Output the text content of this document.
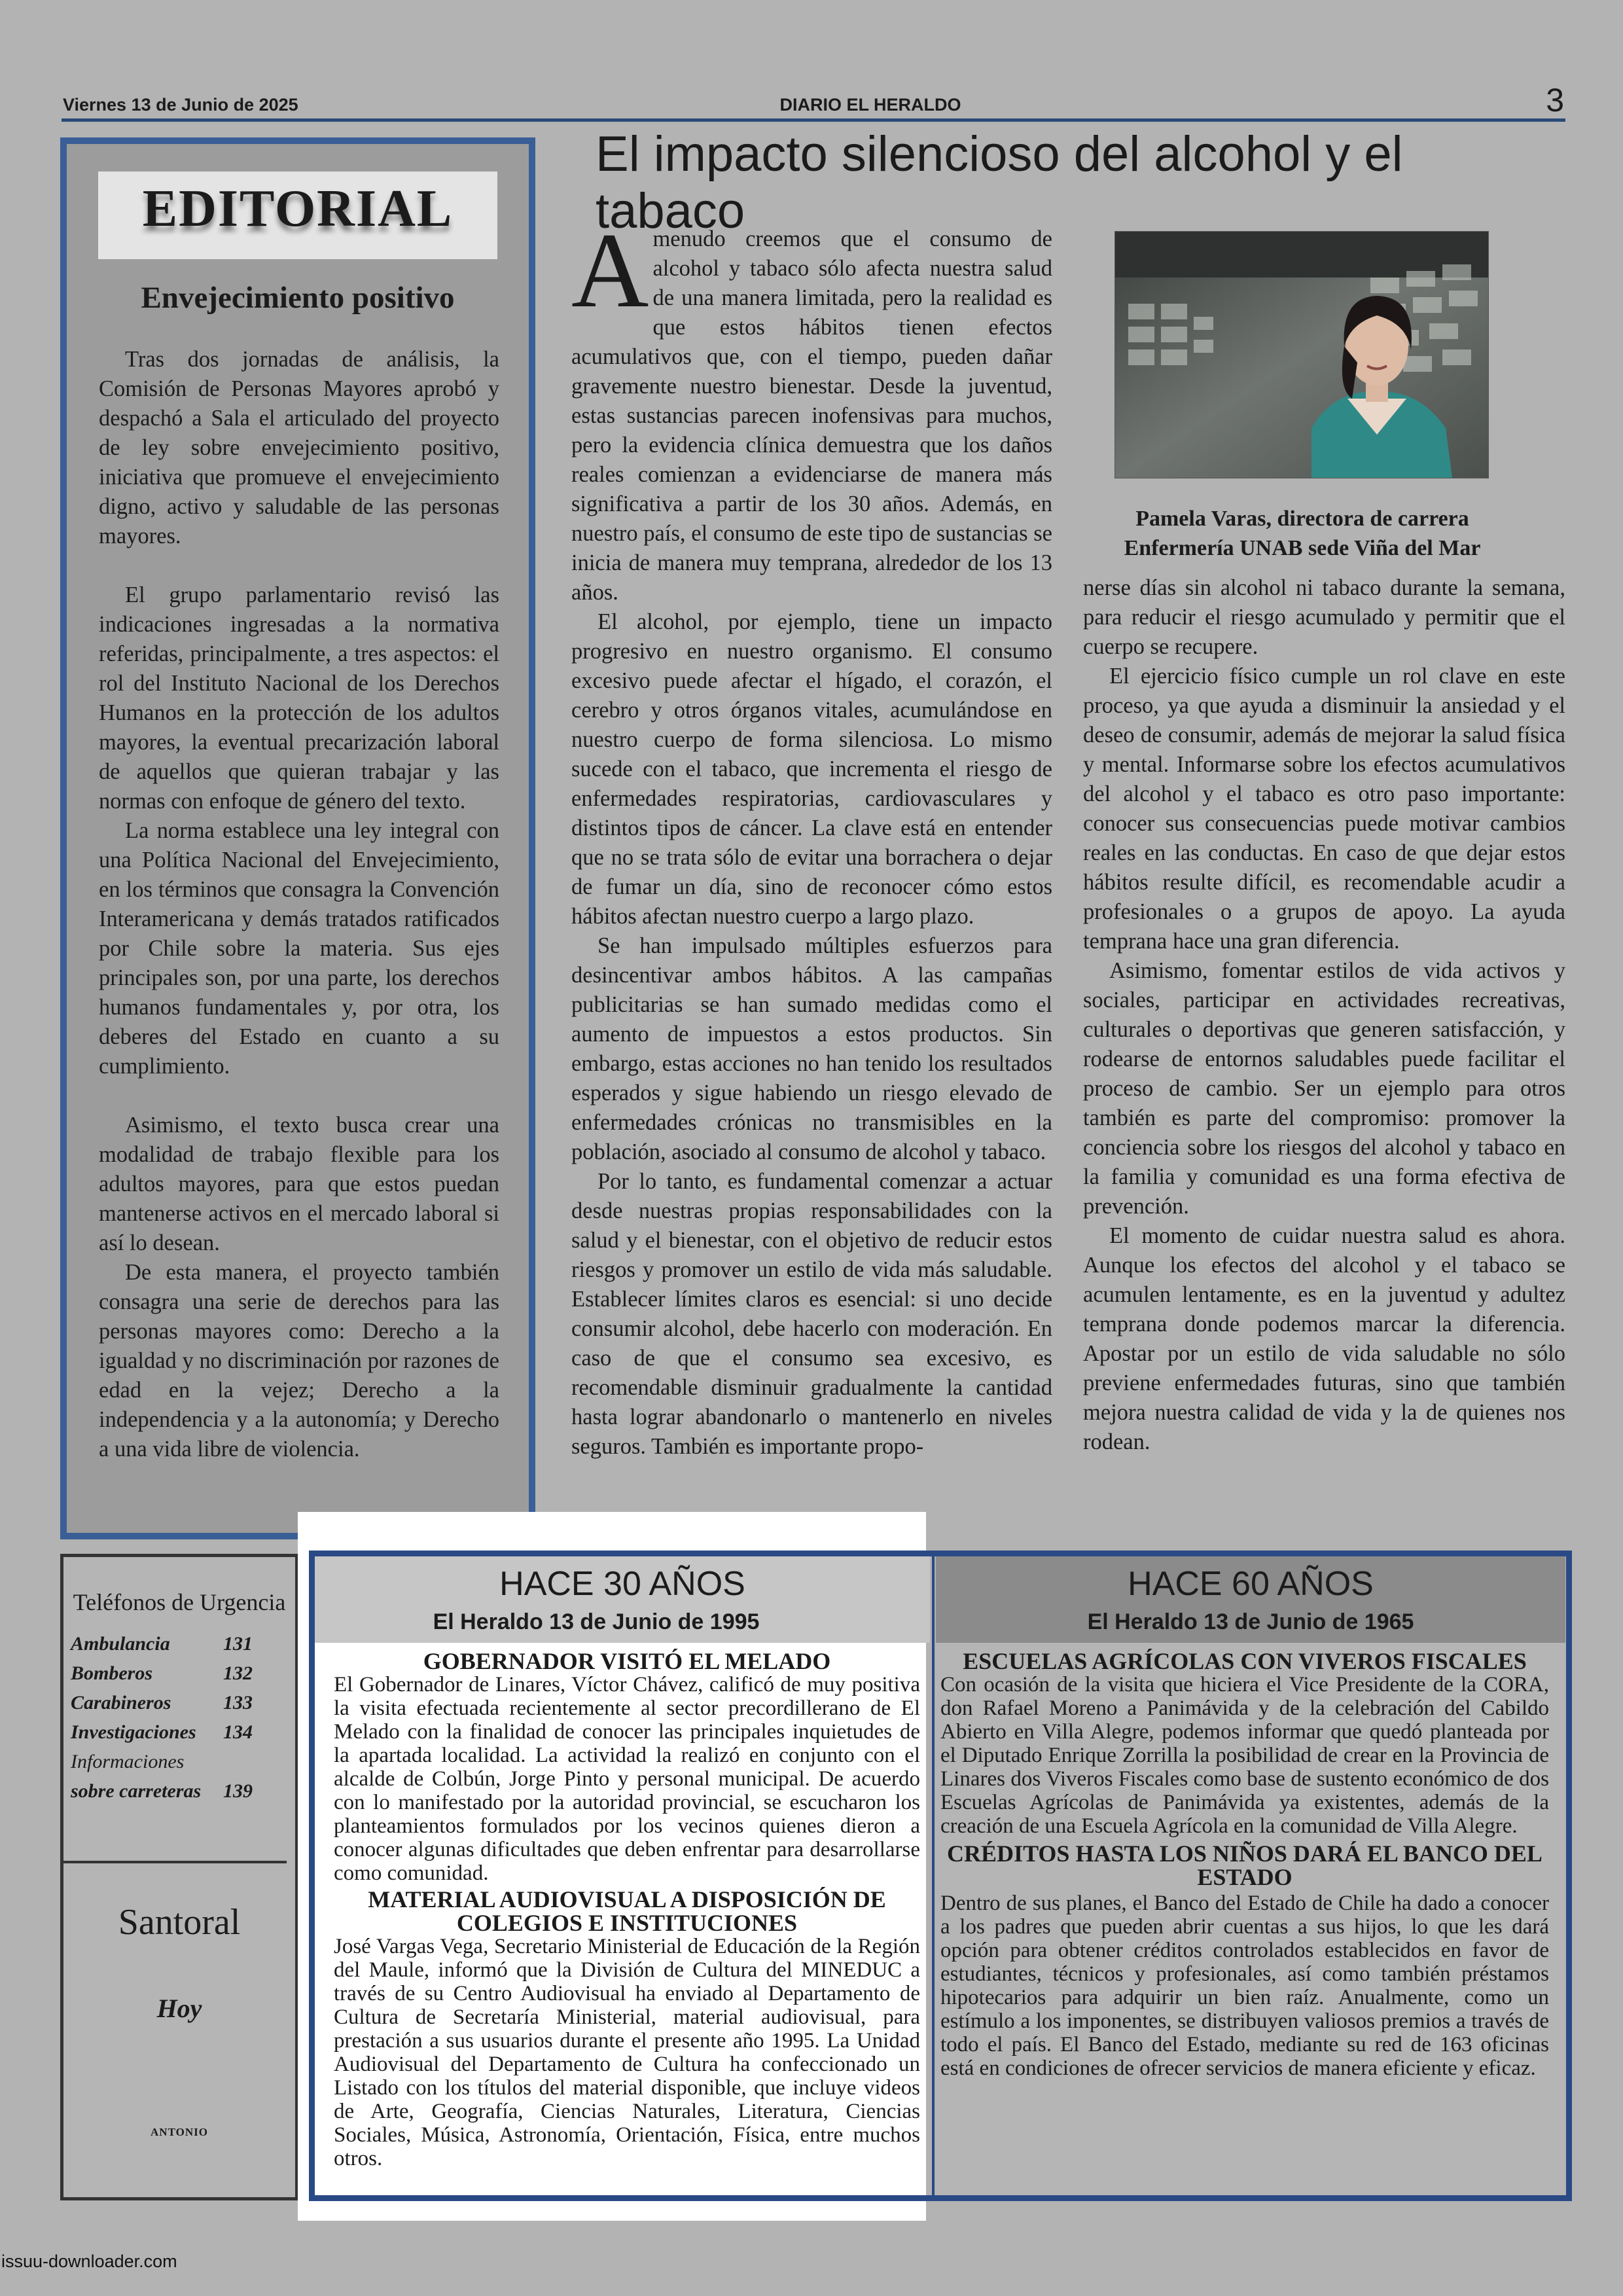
Viernes 13 de Junio de 2025	DIARIO EL HERALDO	3
EDITORIAL
Envejecimiento positivo

Tras dos jornadas de análisis, la Comisión de Personas Mayores aprobó y despachó a Sala el articulado del proyecto de ley sobre envejecimiento positivo, iniciativa que promueve el envejecimiento digno, activo y saludable de las personas mayores.

El grupo parlamentario revisó las indicaciones ingresadas a la normativa referidas, principalmente, a tres aspectos: el rol del Instituto Nacional de los Derechos Humanos en la protección de los adultos mayores, la eventual precarización laboral de aquellos que quieran trabajar y las normas con enfoque de género del texto.

La norma establece una ley integral con una Política Nacional del Envejecimiento, en los términos que consagra la Convención Interamericana y demás tratados ratificados por Chile sobre la materia. Sus ejes principales son, por una parte, los derechos humanos fundamentales y, por otra, los deberes del Estado en cuanto a su cumplimiento.

Asimismo, el texto busca crear una modalidad de trabajo flexible para los adultos mayores, para que estos puedan mantenerse activos en el mercado laboral si así lo desean.

De esta manera, el proyecto también consagra una serie de derechos para las personas mayores como: Derecho a la igualdad y no discriminación por razones de edad en la vejez; Derecho a la independencia y a la autonomía; y Derecho a una vida libre de violencia.

El impacto silencioso del alcohol y el tabaco

Amenudo creemos que el consumo de alcohol y tabaco sólo afecta nuestra salud de una manera limitada, pero la realidad es que estos hábitos tienen efectos acumulativos que, con el tiempo, pueden dañar gravemente nuestro bienestar. Desde la juventud, estas sustancias parecen inofensivas para muchos, pero la evidencia clínica demuestra que los daños reales comienzan a evidenciarse de manera más significativa a partir de los 30 años. Además, en nuestro país, el consumo de este tipo de sustancias se inicia de manera muy temprana, alrededor de los 13 años.

El alcohol, por ejemplo, tiene un impacto progresivo en nuestro organismo. El consumo excesivo puede afectar el hígado, el corazón, el cerebro y otros órganos vitales, acumulándose en nuestro cuerpo de forma silenciosa. Lo mismo sucede con el tabaco, que incrementa el riesgo de enfermedades respiratorias, cardiovasculares y distintos tipos de cáncer. La clave está en entender que no se trata sólo de evitar una borrachera o dejar de fumar un día, sino de reconocer cómo estos hábitos afectan nuestro cuerpo a largo plazo.

Se han impulsado múltiples esfuerzos para desincentivar ambos hábitos. A las campañas publicitarias se han sumado medidas como el aumento de impuestos a estos productos. Sin embargo, estas acciones no han tenido los resultados esperados y sigue habiendo un riesgo elevado de enfermedades crónicas no transmisibles en la población, asociado al consumo de alcohol y tabaco.

Por lo tanto, es fundamental comenzar a actuar desde nuestras propias responsabilidades con la salud y el bienestar, con el objetivo de reducir estos riesgos y promover un estilo de vida más saludable. Establecer límites claros es esencial: si uno decide consumir alcohol, debe hacerlo con moderación. En caso de que el consumo sea excesivo, es recomendable disminuir gradualmente la cantidad hasta lograr abandonarlo o mantenerlo en niveles seguros. También es importante propo-

Pamela Varas, directora de carrera
Enfermería UNAB sede Viña del Mar

nerse días sin alcohol ni tabaco durante la semana, para reducir el riesgo acumulado y permitir que el cuerpo se recupere.

El ejercicio físico cumple un rol clave en este proceso, ya que ayuda a disminuir la ansiedad y el deseo de consumir, además de mejorar la salud física y mental. Informarse sobre los efectos acumulativos del alcohol y el tabaco es otro paso importante: conocer sus consecuencias puede motivar cambios reales en las conductas. En caso de que dejar estos hábitos resulte difícil, es recomendable acudir a profesionales o a grupos de apoyo. La ayuda temprana hace una gran diferencia.

Asimismo, fomentar estilos de vida activos y sociales, participar en actividades recreativas, culturales o deportivas que generen satisfacción, y rodearse de entornos saludables puede facilitar el proceso de cambio. Ser un ejemplo para otros también es parte del compromiso: promover la conciencia sobre los riesgos del alcohol y tabaco en la familia y comunidad es una forma efectiva de prevención.

El momento de cuidar nuestra salud es ahora. Aunque los efectos del alcohol y el tabaco se acumulen lentamente, es en la juventud y adultez temprana donde podemos marcar la diferencia. Apostar por un estilo de vida saludable no sólo previene enfermedades futuras, sino que también mejora nuestra calidad de vida y la de quienes nos rodean.

Teléfonos de Urgencia
Ambulancia	131
Bomberos	132
Carabineros	133
Investigaciones 134
Informaciones
sobre carreteras 139
Santoral
Hoy
ANTONIO
HACE 30 AÑOS
El Heraldo 13 de Junio de 1995
GOBERNADOR VISITÓ EL MELADO

El Gobernador de Linares, Víctor Chávez, calificó de muy positiva la visita efectuada recientemente al sector precordillerano de El Melado con la finalidad de conocer las principales inquietudes de la apartada localidad. La actividad la realizó en conjunto con el alcalde de Colbún, Jorge Pinto y personal municipal. De acuerdo con lo manifestado por la autoridad provincial, se escucharon los planteamientos formulados por los vecinos quienes dieron a conocer algunas dificultades que deben enfrentar para desarrollarse como comunidad.

MATERIAL AUDIOVISUAL A DISPOSICIÓN DE COLEGIOS E INSTITUCIONES

José Vargas Vega, Secretario Ministerial de Educación de la Región del Maule, informó que la División de Cultura del MINEDUC a través de su Centro Audiovisual ha enviado al Departamento de Cultura de Secretaría Ministerial, material audiovisual, para prestación a sus usuarios durante el presente año 1995. La Unidad Audiovisual del Departamento de Cultura ha confeccionado un Listado con los títulos del material disponible, que incluye videos de Arte, Geografía, Ciencias Naturales, Literatura, Ciencias Sociales, Música, Astronomía, Orientación, Física, entre muchos otros.

HACE 60 AÑOS
El Heraldo 13 de Junio de 1965
ESCUELAS AGRÍCOLAS CON VIVEROS FISCALES

Con ocasión de la visita que hiciera el Vice Presidente de la CORA, don Rafael Moreno a Panimávida y de la celebración del Cabildo Abierto en Villa Alegre, podemos informar que quedó planteada por el Diputado Enrique Zorrilla la posibilidad de crear en la Provincia de Linares dos Viveros Fiscales como base de sustento económico de dos Escuelas Agrícolas de Panimávida ya existentes, además de la creación de una Escuela Agrícola en la comunidad de Villa Alegre.

CRÉDITOS HASTA LOS NIÑOS DARÁ EL BANCO DEL ESTADO

Dentro de sus planes, el Banco del Estado de Chile ha dado a conocer a los padres que pueden abrir cuentas a sus hijos, lo que les dará opción para obtener créditos controlados establecidos en favor de estudiantes, técnicos y profesionales, así como también préstamos hipotecarios para adquirir un bien raíz. Anualmente, como un estímulo a los imponentes, se distribuyen valiosos premios a través de todo el país. El Banco del Estado, mediante su red de 163 oficinas está en condiciones de ofrecer servicios de manera eficiente y eficaz.

issuu-downloader.com
